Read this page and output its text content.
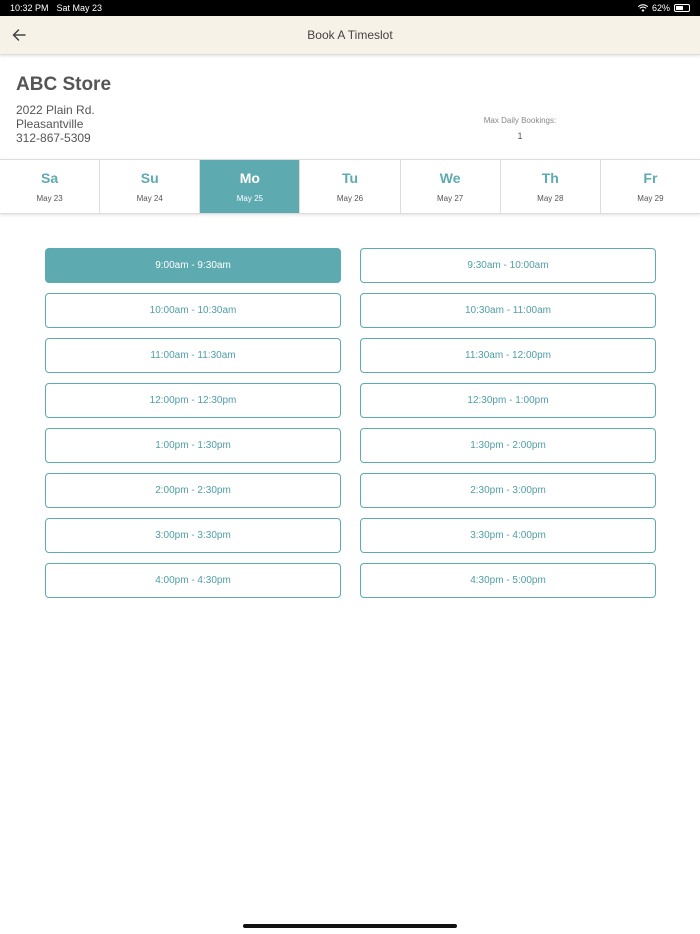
10:32 PM Sat May 23	62%
Book A Timeslot
ABC Store
2022 Plain Rd.
Pleasantville
312-867-5309
Max Daily Bookings:
1
Sa
May 23
Su
May 24
Mo
May 25
Tu
May 26
We
May 27
Th
May 28
Fr
May 29
9:00am - 9:30am	9:30am - 10:00am
10:00am - 10:30am	10:30am - 11:00am
11:00am - 11:30am	11:30am - 12:00pm
12:00pm - 12:30pm	12:30pm - 1:00pm
1:00pm - 1:30pm	1:30pm - 2:00pm
2:00pm - 2:30pm	2:30pm - 3:00pm
3:00pm - 3:30pm	3:30pm - 4:00pm
4:00pm - 4:30pm	4:30pm - 5:00pm
